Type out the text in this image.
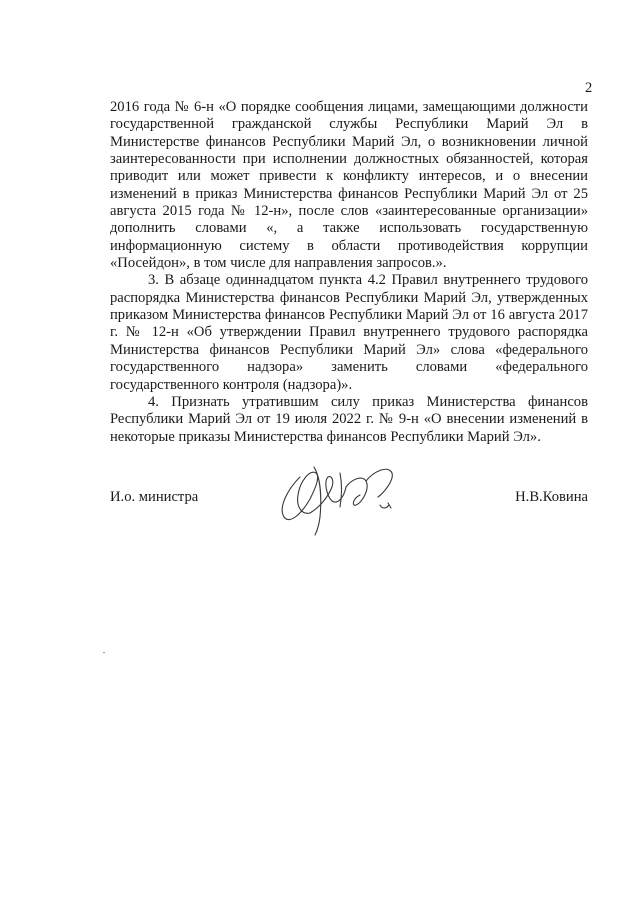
2

2016 года № 6-н «О порядке сообщения лицами, замещающими должности государственной гражданской службы Республики Марий Эл в Министерстве финансов Республики Марий Эл, о возникновении личной заинтересованности при исполнении должностных обязанностей, которая приводит или может привести к конфликту интересов, и о внесении изменений в приказ Министерства финансов Республики Марий Эл от 25 августа 2015 года № 12-н», после слов «заинтересованные организации» дополнить словами «, а также использовать государственную информационную систему в области противодействия коррупции «Посейдон», в том числе для направления запросов.».

3. В абзаце одиннадцатом пункта 4.2 Правил внутреннего трудового распорядка Министерства финансов Республики Марий Эл, утвержденных приказом Министерства финансов Республики Марий Эл от 16 августа 2017 г. № 12-н «Об утверждении Правил внутреннего трудового распорядка Министерства финансов Республики Марий Эл» слова «федерального государственного надзора» заменить словами «федерального государственного контроля (надзора)».

4. Признать утратившим силу приказ Министерства финансов Республики Марий Эл от 19 июля 2022 г. № 9-н «О внесении изменений в некоторые приказы Министерства финансов Республики Марий Эл».

И.о. министра	Н.В.Ковина
